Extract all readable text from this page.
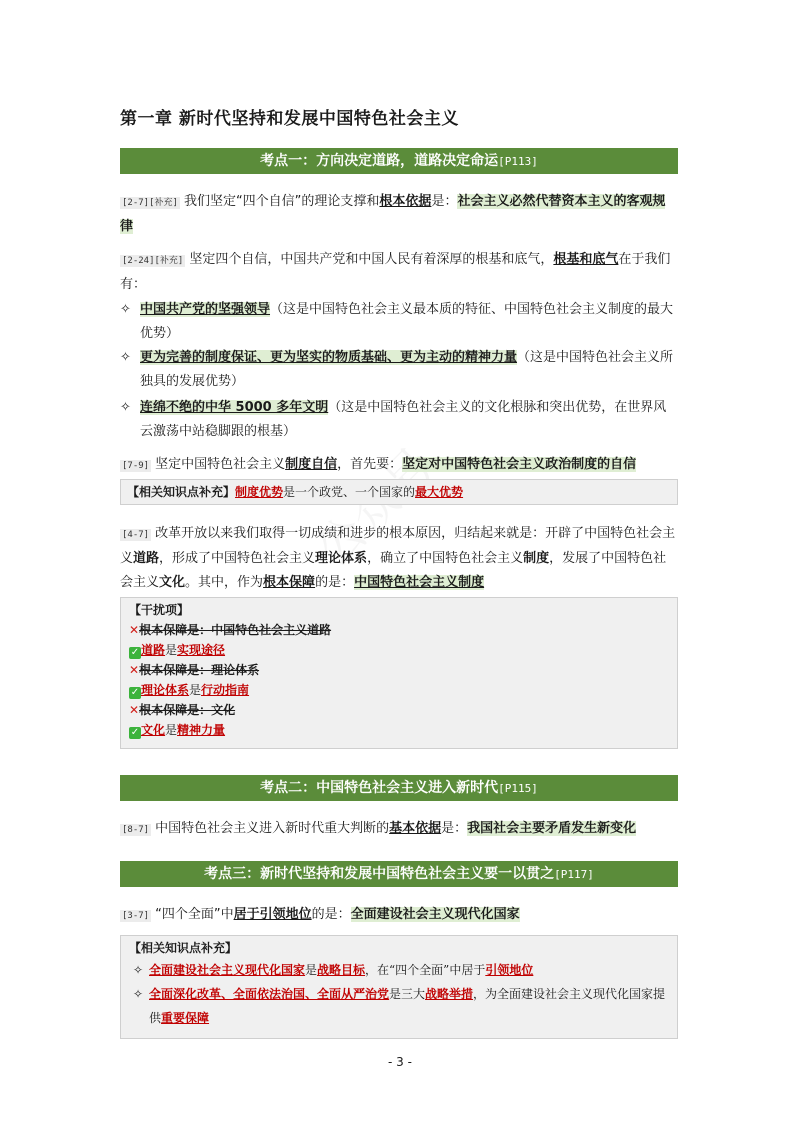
第一章 新时代坚持和发展中国特色社会主义
考点一：方向决定道路，道路决定命运[P113]
[2-7][补充] 我们坚定“四个自信”的理论支撑和根本依据是：社会主义必然代替资本主义的客观规律
[2-24][补充] 坚定四个自信，中国共产党和中国人民有着深厚的根基和底气，根基和底气在于我们有：
✧ 中国共产党的坚强领导（这是中国特色社会主义最本质的特征、中国特色社会主义制度的最大优势）
✧ 更为完善的制度保证、更为坚实的物质基础、更为主动的精神力量（这是中国特色社会主义所独具的发展优势）
✧ 连绵不绝的中华 5000 多年文明（这是中国特色社会主义的文化根脉和突出优势，在世界风云激荡中站稳脚跟的根基）
[7-9] 坚定中国特色社会主义制度自信，首先要：坚定对中国特色社会主义政治制度的自信
【相关知识点补充】制度优势是一个政党、一个国家的最大优势
[4-7] 改革开放以来我们取得一切成绩和进步的根本原因，归结起来就是：开辟了中国特色社会主义道路，形成了中国特色社会主义理论体系，确立了中国特色社会主义制度，发展了中国特色社会主义文化。其中，作为根本保障的是：中国特色社会主义制度
【干扰项】
✕根本保障是：中国特色社会主义道路
✓ 道路是实现途径
✕根本保障是：理论体系
✓ 理论体系是行动指南
✕根本保障是：文化
✓ 文化是精神力量
考点二：中国特色社会主义进入新时代[P115]
[8-7] 中国特色社会主义进入新时代重大判断的基本依据是：我国社会主要矛盾发生新变化
考点三：新时代坚持和发展中国特色社会主义要一以贯之[P117]
[3-7] “四个全面”中居于引领地位的是：全面建设社会主义现代化国家
【相关知识点补充】
✧ 全面建设社会主义现代化国家是战略目标，在“四个全面”中居于引领地位
✧ 全面深化改革、全面依法治国、全面从严治党是三大战略举措，为全面建设社会主义现代化国家提供重要保障
- 3 -
